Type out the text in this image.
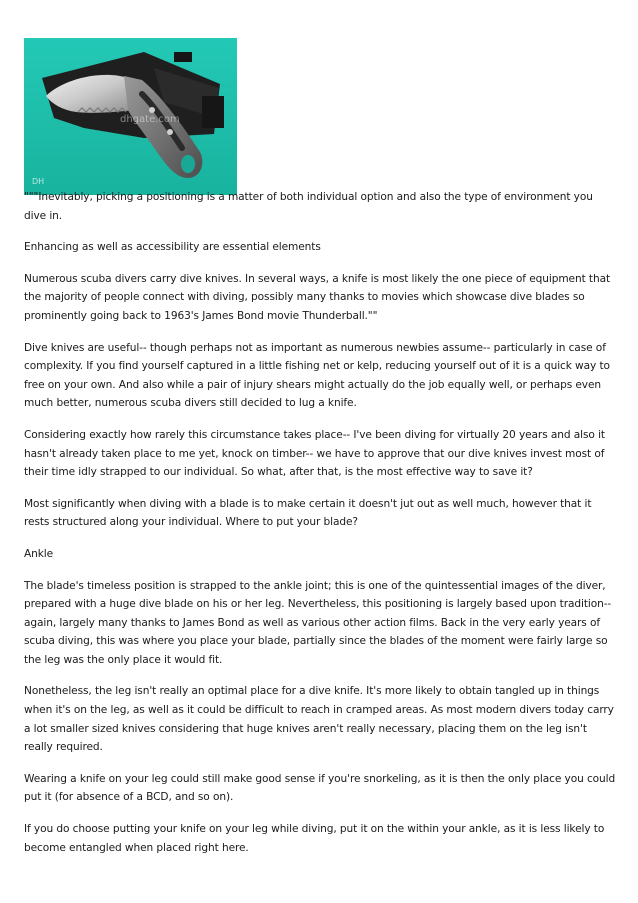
dhgate.com
DH

"""Inevitably, picking a positioning is a matter of both individual option and also the type of environment you dive in.

Enhancing as well as accessibility are essential elements

Numerous scuba divers carry dive knives. In several ways, a knife is most likely the one piece of equipment that the majority of people connect with diving, possibly many thanks to movies which showcase dive blades so prominently going back to 1963's James Bond movie Thunderball.""

Dive knives are useful-- though perhaps not as important as numerous newbies assume-- particularly in case of complexity. If you find yourself captured in a little fishing net or kelp, reducing yourself out of it is a quick way to free on your own. And also while a pair of injury shears might actually do the job equally well, or perhaps even much better, numerous scuba divers still decided to lug a knife.

Considering exactly how rarely this circumstance takes place-- I've been diving for virtually 20 years and also it hasn't already taken place to me yet, knock on timber-- we have to approve that our dive knives invest most of their time idly strapped to our individual. So what, after that, is the most effective way to save it?

Most significantly when diving with a blade is to make certain it doesn't jut out as well much, however that it rests structured along your individual. Where to put your blade?

Ankle

The blade's timeless position is strapped to the ankle joint; this is one of the quintessential images of the diver, prepared with a huge dive blade on his or her leg. Nevertheless, this positioning is largely based upon tradition-- again, largely many thanks to James Bond as well as various other action films. Back in the very early years of scuba diving, this was where you place your blade, partially since the blades of the moment were fairly large so the leg was the only place it would fit.

Nonetheless, the leg isn't really an optimal place for a dive knife. It's more likely to obtain tangled up in things when it's on the leg, as well as it could be difficult to reach in cramped areas. As most modern divers today carry a lot smaller sized knives considering that huge knives aren't really necessary, placing them on the leg isn't really required.

Wearing a knife on your leg could still make good sense if you're snorkeling, as it is then the only place you could put it (for absence of a BCD, and so on).

If you do choose putting your knife on your leg while diving, put it on the within your ankle, as it is less likely to become entangled when placed right here.
